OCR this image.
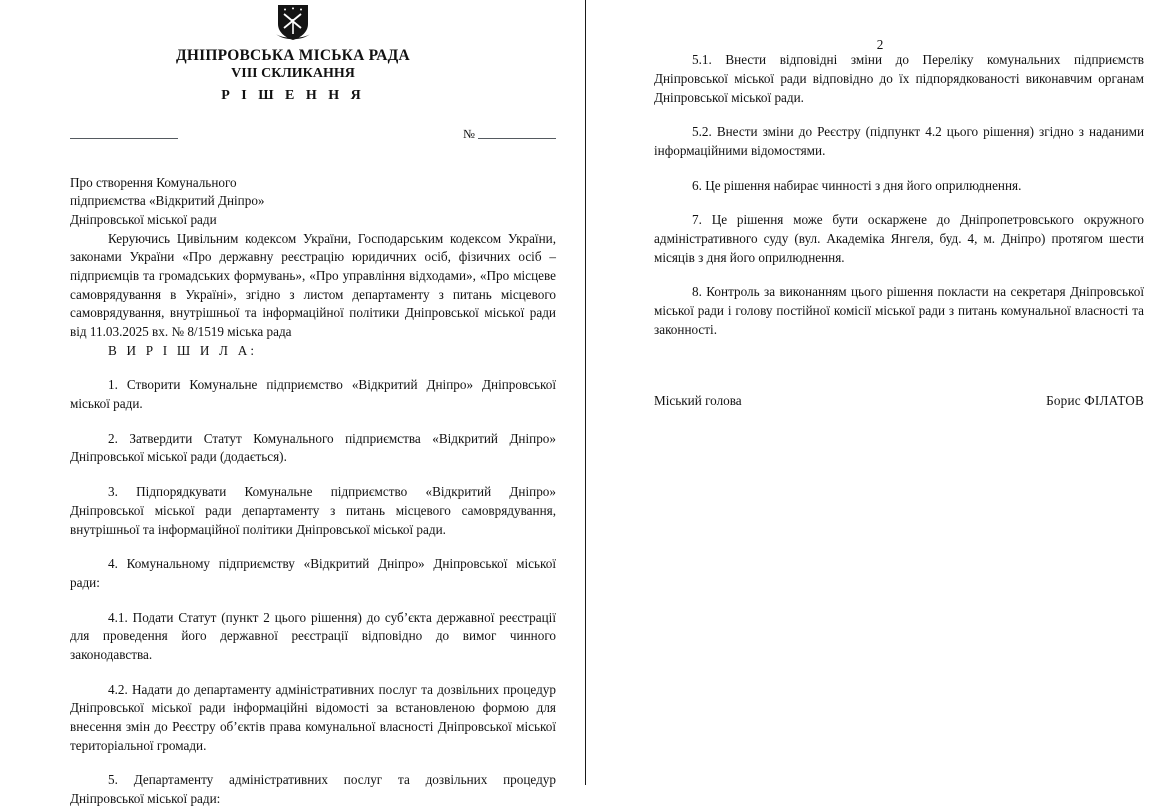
ДНІПРОВСЬКА МІСЬКА РАДА
VIII СКЛИКАННЯ
Р І Ш Е Н Н Я
№
Про створення Комунального
підприємства «Відкритий Дніпро»
Дніпровської міської ради

Керуючись Цивільним кодексом України, Господарським кодексом України, законами України «Про державну реєстрацію юридичних осіб, фізичних осіб – підприємців та громадських формувань», «Про управління відходами», «Про місцеве самоврядування в Україні», згідно з листом департаменту з питань місцевого самоврядування, внутрішньої та інформаційної політики Дніпровської міської ради від 11.03.2025 вх. № 8/1519 міська рада

В И Р І Ш И Л А:

1. Створити Комунальне підприємство «Відкритий Дніпро» Дніпровської міської ради.

2. Затвердити Статут Комунального підприємства «Відкритий Дніпро» Дніпровської міської ради (додається).

3. Підпорядкувати Комунальне підприємство «Відкритий Дніпро» Дніпровської міської ради департаменту з питань місцевого самоврядування, внутрішньої та інформаційної політики Дніпровської міської ради.

4. Комунальному підприємству «Відкритий Дніпро» Дніпровської міської ради:

4.1. Подати Статут (пункт 2 цього рішення) до суб’єкта державної реєстрації для проведення його державної реєстрації відповідно до вимог чинного законодавства.

4.2. Надати до департаменту адміністративних послуг та дозвільних процедур Дніпровської міської ради інформаційні відомості за встановленою формою для внесення змін до Реєстру об’єктів права комунальної власності Дніпровської міської територіальної громади.

5. Департаменту адміністративних послуг та дозвільних процедур Дніпровської міської ради:

2

5.1. Внести відповідні зміни до Переліку комунальних підприємств Дніпровської міської ради відповідно до їх підпорядкованості виконавчим органам Дніпровської міської ради.

5.2. Внести зміни до Реєстру (підпункт 4.2 цього рішення) згідно з наданими інформаційними відомостями.

6. Це рішення набирає чинності з дня його оприлюднення.

7. Це рішення може бути оскаржене до Дніпропетровського окружного адміністративного суду (вул. Академіка Янгеля, буд. 4, м. Дніпро) протягом шести місяців з дня його оприлюднення.

8. Контроль за виконанням цього рішення покласти на секретаря Дніпровської міської ради і голову постійної комісії міської ради з питань комунальної власності та законності.

Міський голова	Борис ФІЛАТОВ
